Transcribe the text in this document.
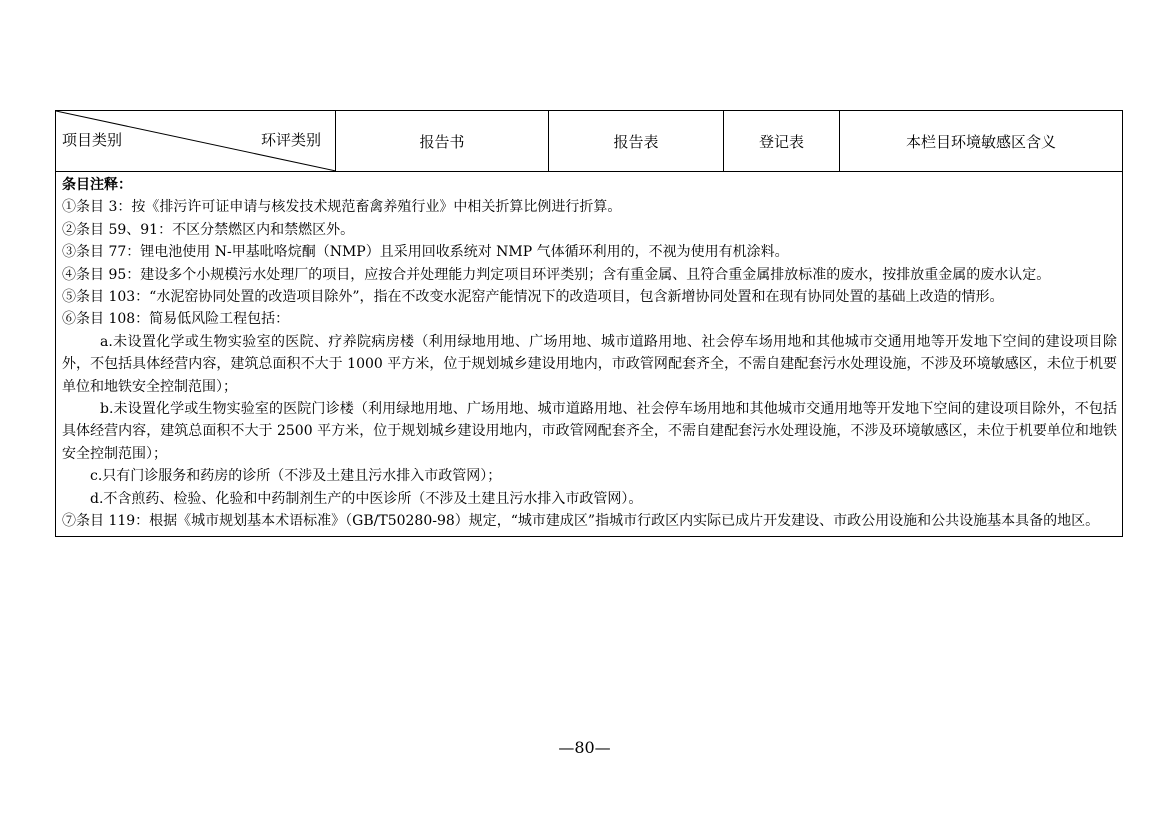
项目类别	环评类别	报告书	报告表	登记表	本栏目环境敏感区含义

条目注释：

①条目 3：按《排污许可证申请与核发技术规范畜禽养殖行业》中相关折算比例进行折算。

②条目 59、91：不区分禁燃区内和禁燃区外。

③条目 77：锂电池使用 N-甲基吡咯烷酮（NMP）且采用回收系统对 NMP 气体循环利用的，不视为使用有机涂料。

④条目 95：建设多个小规模污水处理厂的项目，应按合并处理能力判定项目环评类别；含有重金属、且符合重金属排放标准的废水，按排放重金属的废水认定。

⑤条目 103：“水泥窑协同处置的改造项目除外”，指在不改变水泥窑产能情况下的改造项目，包含新增协同处置和在现有协同处置的基础上改造的情形。

⑥条目 108：简易低风险工程包括：

a.未设置化学或生物实验室的医院、疗养院病房楼（利用绿地用地、广场用地、城市道路用地、社会停车场用地和其他城市交通用地等开发地下空间的建设项目除外，不包括具体经营内容，建筑总面积不大于 1000 平方米，位于规划城乡建设用地内，市政管网配套齐全，不需自建配套污水处理设施，不涉及环境敏感区，未位于机要单位和地铁安全控制范围）；

b.未设置化学或生物实验室的医院门诊楼（利用绿地用地、广场用地、城市道路用地、社会停车场用地和其他城市交通用地等开发地下空间的建设项目除外，不包括具体经营内容，建筑总面积不大于 2500 平方米，位于规划城乡建设用地内，市政管网配套齐全，不需自建配套污水处理设施，不涉及环境敏感区，未位于机要单位和地铁安全控制范围）；

c.只有门诊服务和药房的诊所（不涉及土建且污水排入市政管网）；

d.不含煎药、检验、化验和中药制剂生产的中医诊所（不涉及土建且污水排入市政管网）。

⑦条目 119：根据《城市规划基本术语标准》（GB/T50280-98）规定，“城市建成区”指城市行政区内实际已成片开发建设、市政公用设施和公共设施基本具备的地区。

—80—
